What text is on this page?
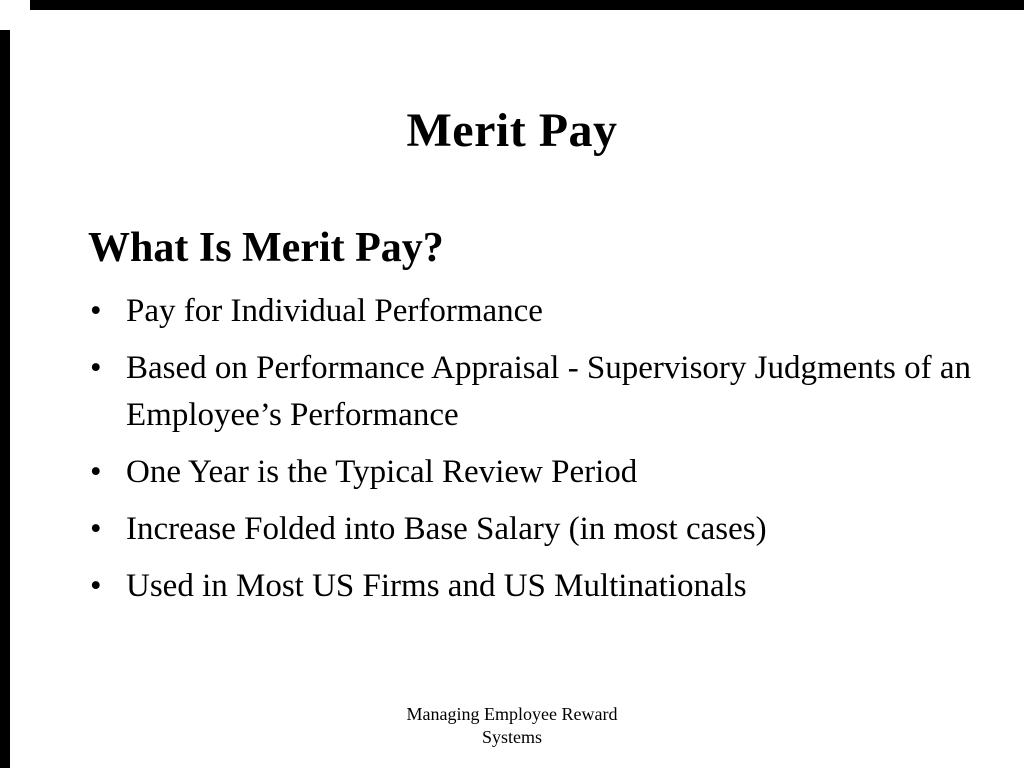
Merit Pay
What Is Merit Pay?
• Pay for Individual Performance
• Based on Performance Appraisal - Supervisory Judgments of an Employee’s Performance
• One Year is the Typical Review Period
• Increase Folded into Base Salary (in most cases)
• Used in Most US Firms and US Multinationals
Managing Employee Reward Systems
